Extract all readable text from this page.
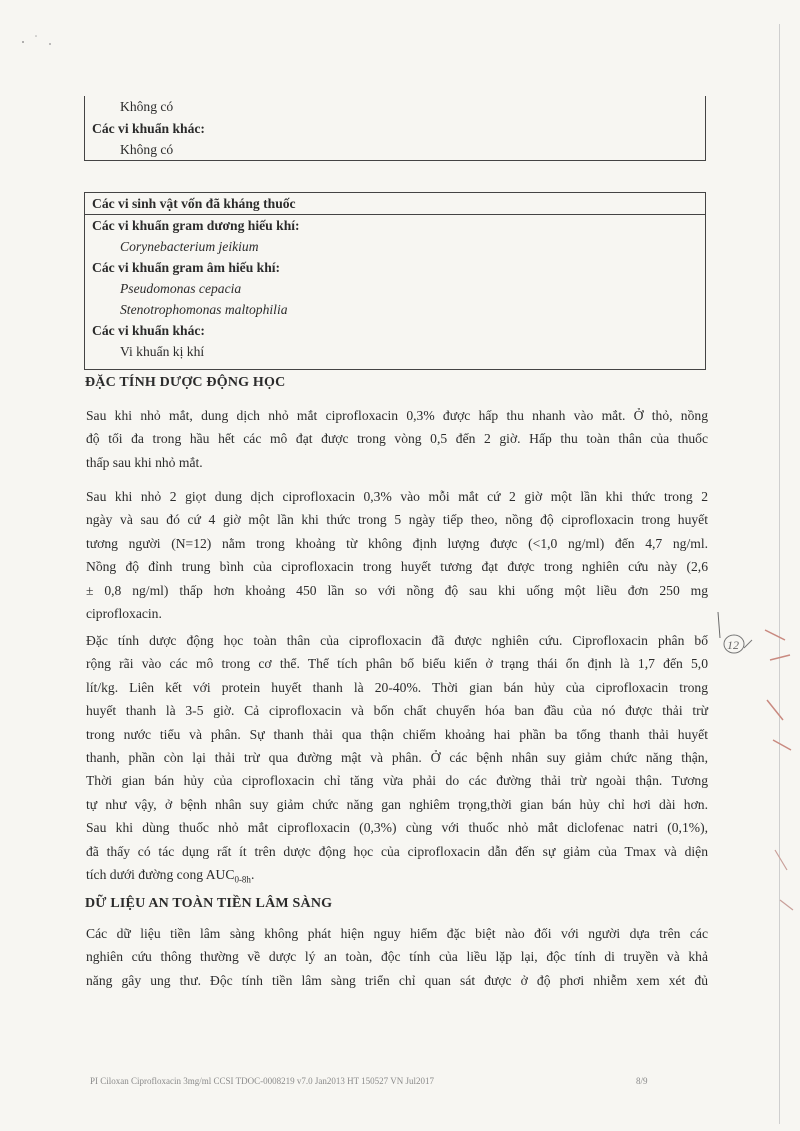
Không có
Các vi khuẩn khác:
Không có
Các vi sinh vật vốn đã kháng thuốc
Các vi khuẩn gram dương hiếu khí:
Corynebacterium jeikium
Các vi khuẩn gram âm hiếu khí:
Pseudomonas cepacia
Stenotrophomonas maltophilia
Các vi khuẩn khác:
Vi khuẩn kị khí
ĐẶC TÍNH DƯỢC ĐỘNG HỌC

Sau khi nhỏ mắt, dung dịch nhỏ mắt ciprofloxacin 0,3% được hấp thu nhanh vào mắt. Ở thỏ, nồng
độ tối đa trong hầu hết các mô đạt được trong vòng 0,5 đến 2 giờ. Hấp thu toàn thân của thuốc
thấp sau khi nhỏ mắt.

Sau khi nhỏ 2 giọt dung dịch ciprofloxacin 0,3% vào mỗi mắt cứ 2 giờ một lần khi thức trong 2
ngày và sau đó cứ 4 giờ một lần khi thức trong 5 ngày tiếp theo, nồng độ ciprofloxacin trong huyết
tương người (N=12) nằm trong khoảng từ không định lượng được (<1,0 ng/ml) đến 4,7 ng/ml.
Nồng độ đỉnh trung bình của ciprofloxacin trong huyết tương đạt được trong nghiên cứu này (2,6
± 0,8 ng/ml) thấp hơn khoảng 450 lần so với nồng độ sau khi uống một liều đơn 250 mg
ciprofloxacin.

Đặc tính dược động học toàn thân của ciprofloxacin đã được nghiên cứu. Ciprofloxacin phân bố
rộng rãi vào các mô trong cơ thể. Thể tích phân bố biểu kiến ở trạng thái ổn định là 1,7 đến 5,0
lít/kg. Liên kết với protein huyết thanh là 20-40%. Thời gian bán hủy của ciprofloxacin trong
huyết thanh là 3-5 giờ. Cả ciprofloxacin và bốn chất chuyển hóa ban đầu của nó được thải trừ
trong nước tiểu và phân. Sự thanh thải qua thận chiếm khoảng hai phần ba tổng thanh thải huyết
thanh, phần còn lại thải trừ qua đường mật và phân. Ở các bệnh nhân suy giảm chức năng thận,
Thời gian bán hủy của ciprofloxacin chỉ tăng vừa phải do các đường thải trừ ngoài thận. Tương
tự như vậy, ở bệnh nhân suy giảm chức năng gan nghiêm trọng,thời gian bán hủy chỉ hơi dài hơn.
Sau khi dùng thuốc nhỏ mắt ciprofloxacin (0,3%) cùng với thuốc nhỏ mắt diclofenac natri (0,1%),
đã thấy có tác dụng rất ít trên dược động học của ciprofloxacin dẫn đến sự giảm của Tmax và diện
tích dưới đường cong $AUC_{0-8h}$.

DỮ LIỆU AN TOÀN TIỀN LÂM SÀNG

Các dữ liệu tiền lâm sàng không phát hiện nguy hiểm đặc biệt nào đối với người dựa trên các
nghiên cứu thông thường về dược lý an toàn, độc tính của liều lặp lại, độc tính di truyền và khả
năng gây ung thư. Độc tính tiền lâm sàng triển chỉ quan sát được ở độ phơi nhiễm xem xét đủ

PI Ciloxan Ciprofloxacin 3mg/ml CCSI TDOC-0008219 v7.0 Jan2013 HT 150527 VN Jul2017	8/9
12
